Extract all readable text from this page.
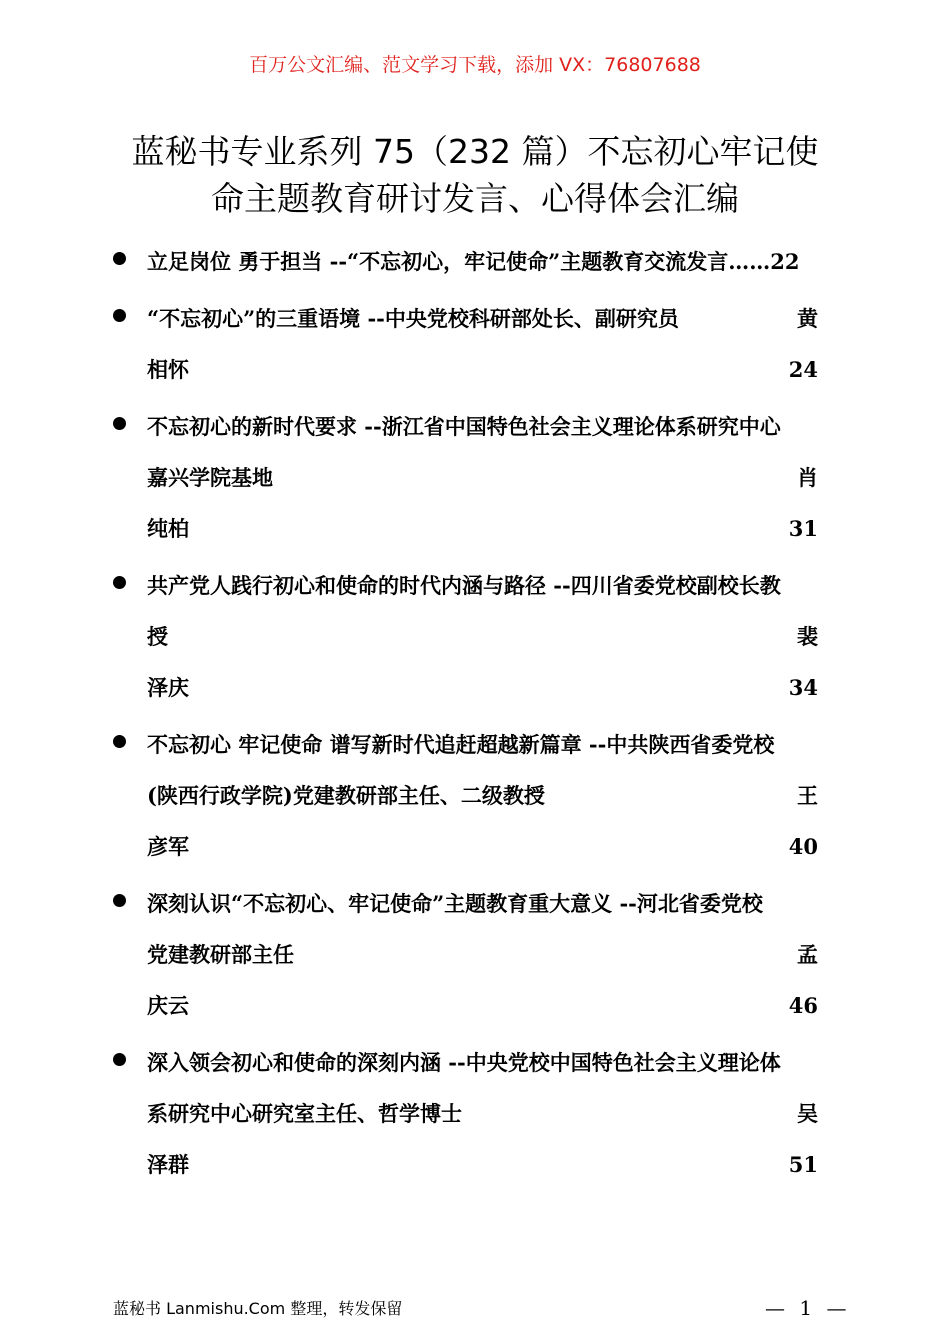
百万公文汇编、范文学习下载，添加 VX：76807688
蓝秘书专业系列 75（232 篇）不忘初心牢记使
命主题教育研讨发言、心得体会汇编
立足岗位 勇于担当 --“不忘初心，牢记使命”主题教育交流发言……22
“不忘初心”的三重语境 --中央党校科研部处长、副研究员	黄
相怀	24
不忘初心的新时代要求 --浙江省中国特色社会主义理论体系研究中心
嘉兴学院基地	肖
纯柏	31
共产党人践行初心和使命的时代内涵与路径 --四川省委党校副校长教
授	裴
泽庆	34
不忘初心 牢记使命 谱写新时代追赶超越新篇章 --中共陕西省委党校
(陕西行政学院)党建教研部主任、二级教授	王
彦军	40
深刻认识“不忘初心、牢记使命”主题教育重大意义 --河北省委党校
党建教研部主任	孟
庆云	46
深入领会初心和使命的深刻内涵 --中央党校中国特色社会主义理论体
系研究中心研究室主任、哲学博士	吴
泽群	51
蓝秘书 Lanmishu.Com 整理，转发保留	— 1 —
